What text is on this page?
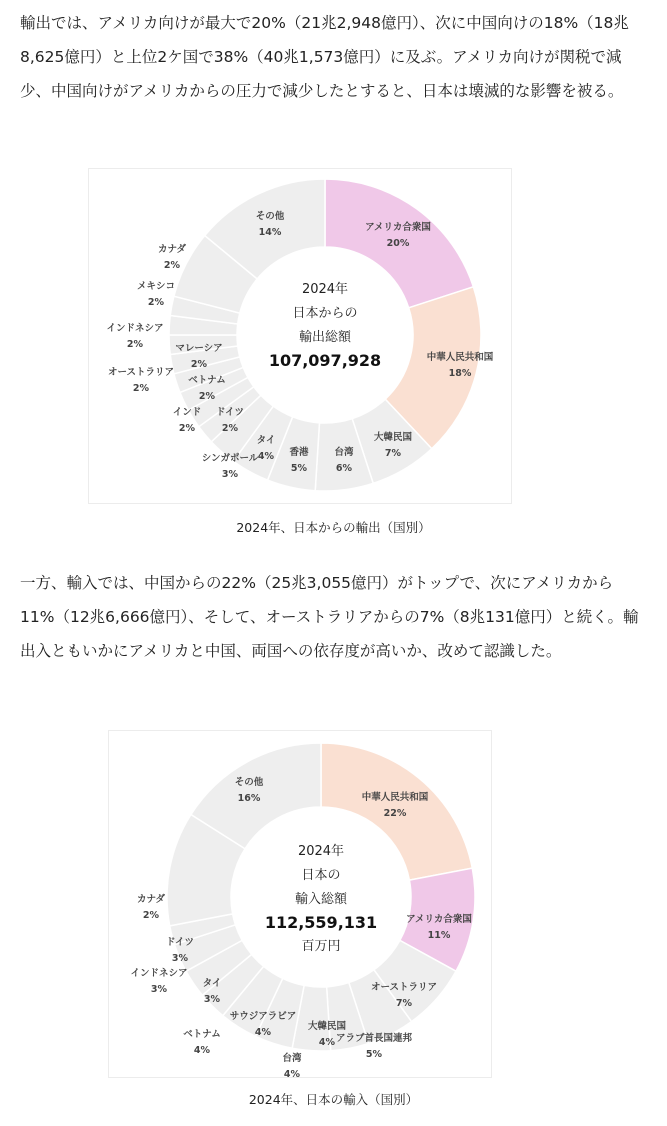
輸出では、アメリカ向けが最大で20%（21兆2,948億円）、次に中国向けの18%（18兆8,625億円）と上位2ケ国で38%（40兆1,573億円）に及ぶ。アメリカ向けが関税で減少、中国向けがアメリカからの圧力で減少したとすると、日本は壊滅的な影響を被る。

アメリカ合衆国 20%
中華人民共和国 18%
大韓民国 7%
台湾 6%
香港 5%
タイ 4%
シンガポール 3%
ドイツ 2%
インド 2%
ベトナム 2%
オーストラリア 2%
マレーシア 2%
インドネシア 2%
メキシコ 2%
カナダ 2%
その他 14%
2024年
日本からの
輸出総額
107,097,928
2024年、日本からの輸出（国別）

一方、輸入では、中国からの22%（25兆3,055億円）がトップで、次にアメリカから11%（12兆6,666億円）、そして、オーストラリアからの7%（8兆131億円）と続く。輸出入ともいかにアメリカと中国、両国への依存度が高いか、改めて認識した。

中華人民共和国 22%
アメリカ合衆国 11%
オーストラリア 7%
アラブ首長国連邦 5%
大韓民国 4%
台湾 4%
サウジアラビア 4%
ベトナム 4%
タイ 3%
インドネシア 3%
ドイツ 3%
カナダ 2%
その他 16%
2024年
日本の
輸入総額
112,559,131
百万円
2024年、日本の輸入（国別）
